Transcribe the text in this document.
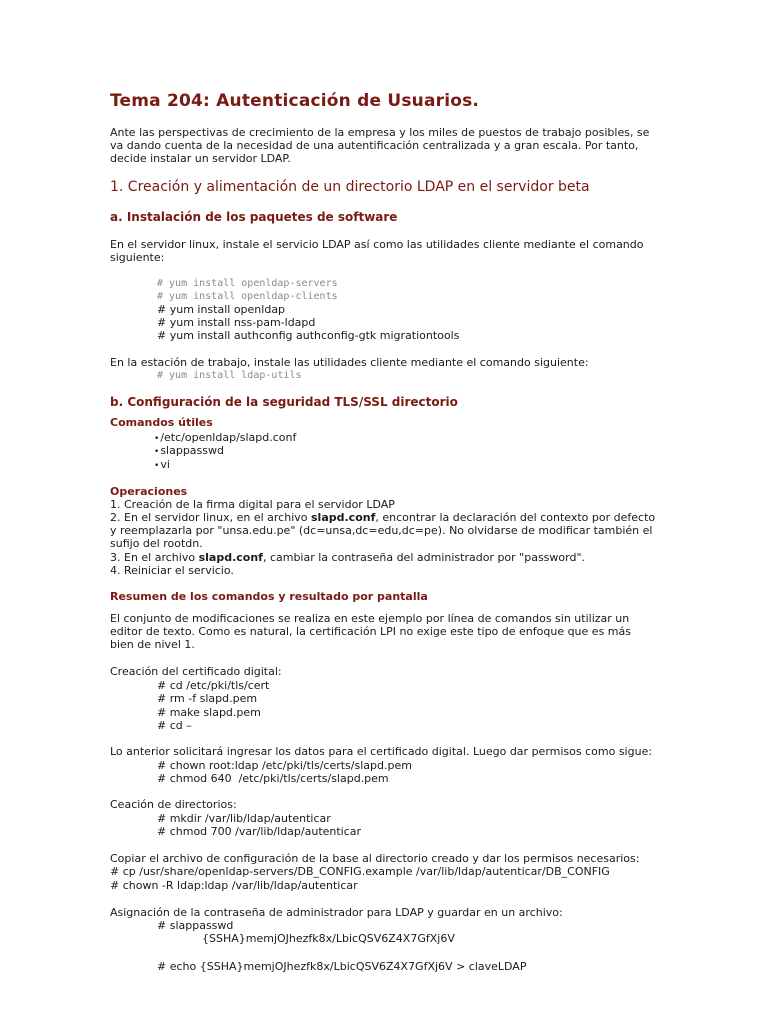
Tema 204: Autenticación de Usuarios.

Ante las perspectivas de crecimiento de la empresa y los miles de puestos de trabajo posibles, se va dando cuenta de la necesidad de una autentificación centralizada y a gran escala. Por tanto, decide instalar un servidor LDAP.

1. Creación y alimentación de un directorio LDAP en el servidor beta
a. Instalación de los paquetes de software

En el servidor linux, instale el servicio LDAP así como las utilidades cliente mediante el comando siguiente:

# yum install openldap-servers
# yum install openldap-clients
# yum install openldap
# yum install nss-pam-ldapd
# yum install authconfig authconfig-gtk migrationtools

En la estación de trabajo, instale las utilidades cliente mediante el comando siguiente:

# yum install ldap-utils
b. Configuración de la seguridad TLS/SSL directorio
Comandos útiles
• /etc/openldap/slapd.conf
• slappasswd
• vi
Operaciones
1. Creación de la firma digital para el servidor LDAP
2. En el servidor linux, en el archivo slapd.conf, encontrar la declaración del contexto por defecto
y reemplazarla por "unsa.edu.pe" (dc=unsa,dc=edu,dc=pe). No olvidarse de modificar también el
sufijo del rootdn.
3. En el archivo slapd.conf, cambiar la contraseña del administrador por "password".
4. Reiniciar el servicio.
Resumen de los comandos y resultado por pantalla

El conjunto de modificaciones se realiza en este ejemplo por línea de comandos sin utilizar un editor de texto. Como es natural, la certificación LPI no exige este tipo de enfoque que es más bien de nivel 1.

Creación del certificado digital:
# cd /etc/pki/tls/cert
# rm -f slapd.pem
# make slapd.pem
# cd –
Lo anterior solicitará ingresar los datos para el certificado digital. Luego dar permisos como sigue:
# chown root:ldap /etc/pki/tls/certs/slapd.pem
# chmod 640  /etc/pki/tls/certs/slapd.pem
Ceación de directorios:
# mkdir /var/lib/ldap/autenticar
# chmod 700 /var/lib/ldap/autenticar
Copiar el archivo de configuración de la base al directorio creado y dar los permisos necesarios:
# cp /usr/share/openldap-servers/DB_CONFIG.example /var/lib/ldap/autenticar/DB_CONFIG
# chown -R ldap:ldap /var/lib/ldap/autenticar
Asignación de la contraseña de administrador para LDAP y guardar en un archivo:
# slappasswd
{SSHA}memjOJhezfk8x/LbicQSV6Z4X7GfXj6V
# echo {SSHA}memjOJhezfk8x/LbicQSV6Z4X7GfXj6V > claveLDAP
